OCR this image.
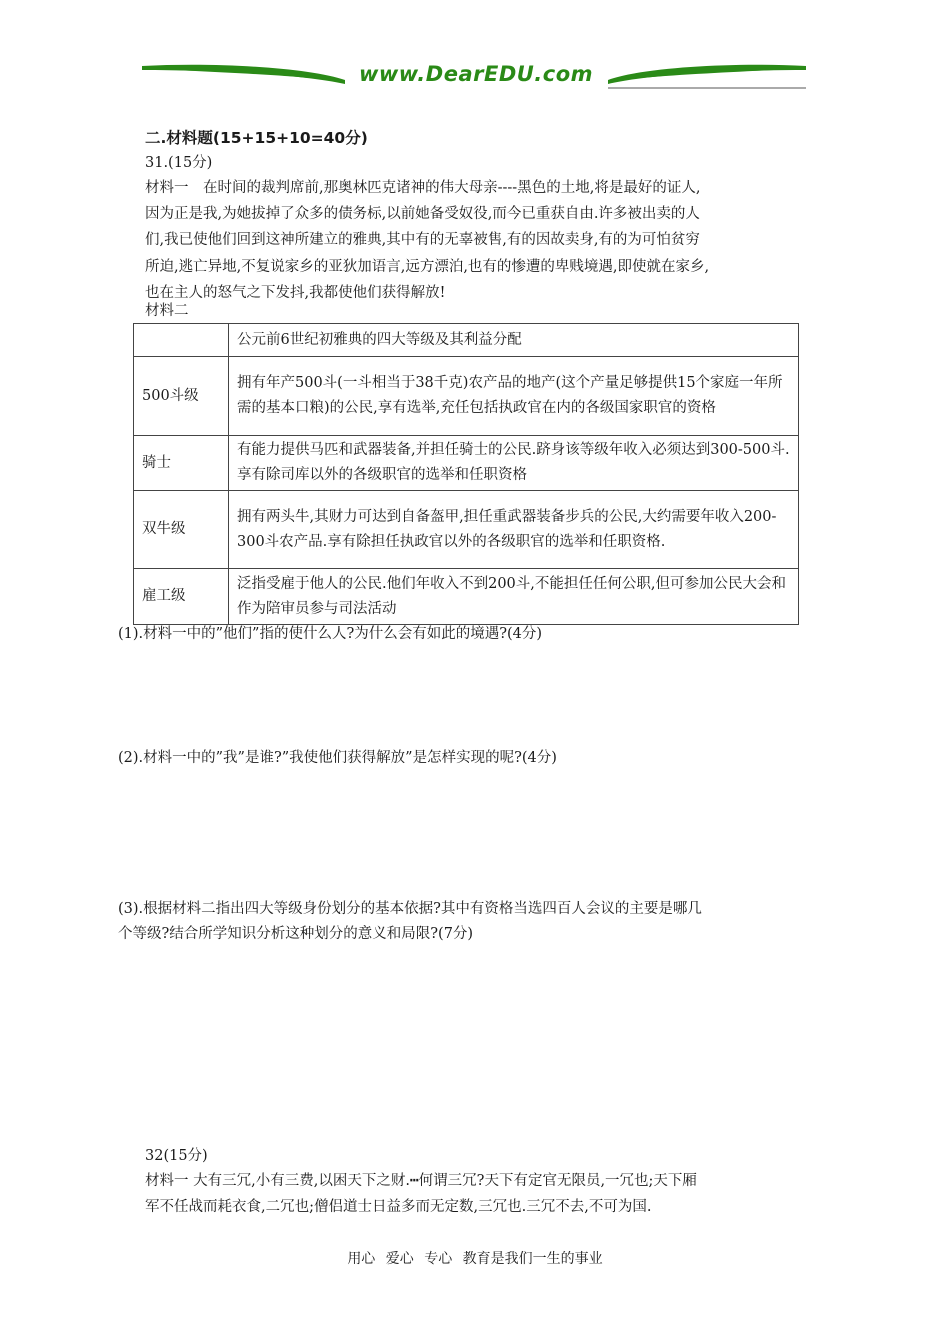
www.DearEDU.com
二.材料题(15+15+10=40分)
31.(15分)
材料一　在时间的裁判席前,那奥林匹克诸神的伟大母亲----黑色的土地,将是最好的证人,
因为正是我,为她拔掉了众多的债务标,以前她备受奴役,而今已重获自由.许多被出卖的人
们,我已使他们回到这神所建立的雅典,其中有的无辜被售,有的因故卖身,有的为可怕贫穷
所迫,逃亡异地,不复说家乡的亚狄加语言,远方漂泊,也有的惨遭的卑贱境遇,即使就在家乡,
也在主人的怒气之下发抖,我都使他们获得解放!
材料二
	公元前6世纪初雅典的四大等级及其利益分配
500斗级	拥有年产500斗(一斗相当于38千克)农产品的地产(这个产量足够提供15个家庭一年所需的基本口粮)的公民,享有选举,充任包括执政官在内的各级国家职官的资格
骑士	有能力提供马匹和武器装备,并担任骑士的公民.跻身该等级年收入必须达到300-500斗.享有除司库以外的各级职官的选举和任职资格
双牛级	拥有两头牛,其财力可达到自备盔甲,担任重武器装备步兵的公民,大约需要年收入200-300斗农产品.享有除担任执政官以外的各级职官的选举和任职资格.
雇工级	泛指受雇于他人的公民.他们年收入不到200斗,不能担任任何公职,但可参加公民大会和作为陪审员参与司法活动
(1).材料一中的”他们”指的使什么人?为什么会有如此的境遇?(4分)
(2).材料一中的”我”是谁?”我使他们获得解放”是怎样实现的呢?(4分)
(3).根据材料二指出四大等级身份划分的基本依据?其中有资格当选四百人会议的主要是哪几
个等级?结合所学知识分析这种划分的意义和局限?(7分)
32(15分)
材料一 大有三冗,小有三费,以困天下之财.┅何谓三冗?天下有定官无限员,一冗也;天下厢
军不任战而耗衣食,二冗也;僧侣道士日益多而无定数,三冗也.三冗不去,不可为国.
用心 爱心 专心 教育是我们一生的事业
